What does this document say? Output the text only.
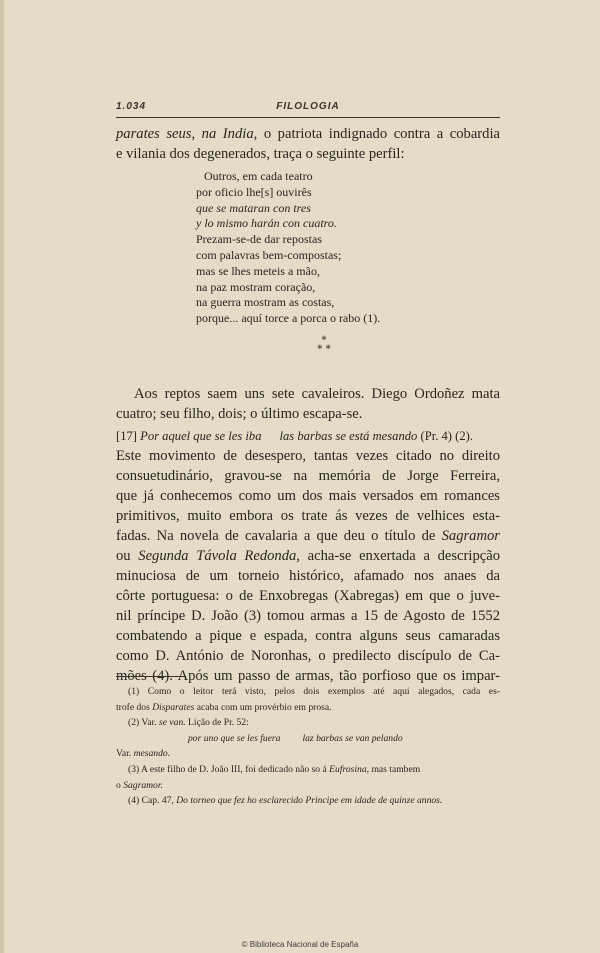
1.034	FILOLOGIA

parates seus, na India, o patriota indignado contra a cobardia

e vilania dos degenerados, traça o seguinte perfil:

Outros, em cada teatro
por oficio lhe[s] ouvirês
que se mataran con tres
y lo mismo harán con cuatro.
Prezam-se-de dar repostas
com palavras bem-compostas;
mas se lhes meteis a mão,
na paz mostram coração,
na guerra mostram as costas,
porque... aquí torce a porca o rabo (1).
*
* *

Aos reptos saem uns sete cavaleiros. Diego Ordoñez mata

cuatro; seu filho, dois; o último escapa-se.

[17] Por aquel que se les iba las barbas se está mesando (Pr. 4) (2).

Este movimento de desespero, tantas vezes citado no direito

consuetudinário, gravou-se na memória de Jorge Ferreira,

que já conhecemos como um dos mais versados em romances

primitivos, muito embora os trate ás vezes de velhices esta-

fadas. Na novela de cavalaria a que deu o título de Sagramor

ou Segunda Távola Redonda, acha-se enxertada a descripção

minuciosa de um torneio histórico, afamado nos anaes da

côrte portuguesa: o de Enxobregas (Xabregas) em que o juve-

nil príncipe D. João (3) tomou armas a 15 de Agosto de 1552

combatendo a pique e espada, contra alguns seus camaradas

como D. António de Noronhas, o predilecto discípulo de Ca-

mões (4). Após um passo de armas, tão porfioso que os impar-

(1) Como o leitor terá visto, pelos dois exemplos até aqui alegados, cada es-
trofe dos Disparates acaba com um provérbio em prosa.
(2) Var. se van. Lição de Pr. 52:
por uno que se les fuera laz barbas se van pelando
Var. mesando.
(3) A este filho de D. João III, foi dedicado não so á Eufrosina, mas tambem
o Sagramor.
(4) Cap. 47, Do torneo que fez ho esclarecido Principe em idade de quinze annos.
© Biblioteca Nacional de España
